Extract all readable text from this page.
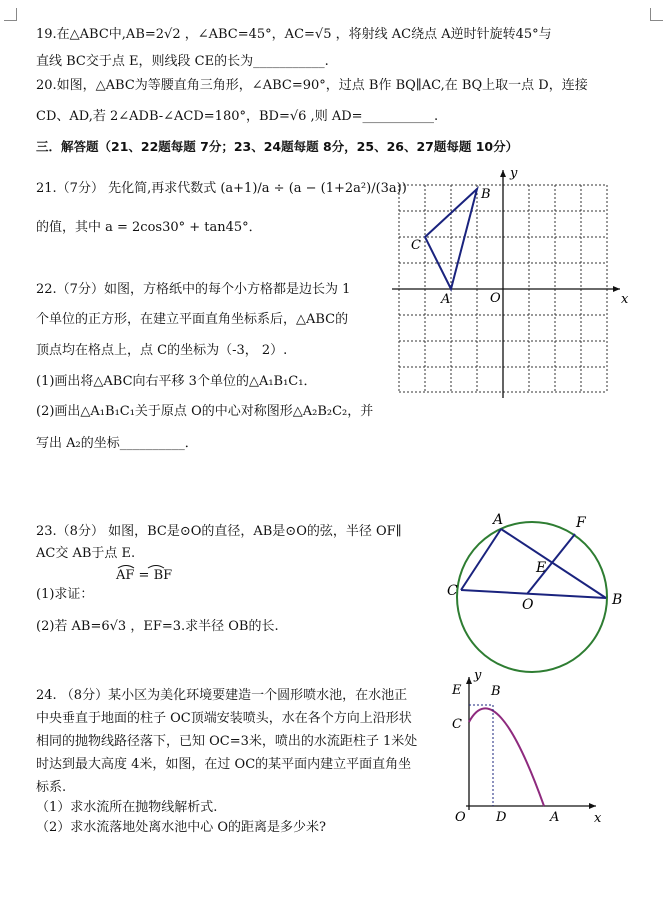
19.在△ABC中,AB=2√2 ，∠ABC=45°，AC=√5 ，将射线 AC绕点 A逆时针旋转45°与
直线 BC交于点 E，则线段 CE的长为___________.
20.如图，△ABC为等腰直角三角形，∠ABC=90°，过点 B作 BQ∥AC,在 BQ上取一点 D，连接
CD、AD,若 2∠ADB-∠ACD=180°，BD=√6 ,则 AD=___________.
三．解答题（21、22题每题 7分；23、24题每题 8分，25、26、27题每题 10分）
21.（7分） 先化简,再求代数式 (a+1)/a ÷ (a − (1+2a²)/(3a))
的值，其中 a = 2cos30° + tan45°．
22.（7分）如图，方格纸中的每个小方格都是边长为 1
个单位的正方形，在建立平面直角坐标系后，△ABC的
顶点均在格点上，点 C的坐标为（-3， 2）.
(1)画出将△ABC向右平移 3个单位的△A₁B₁C₁．
(2)画出△A₁B₁C₁关于原点 O的中心对称图形△A₂B₂C₂，并
写出 A₂的坐标__________．
B
C
A	O	x
y
23.（8分） 如图，BC是⊙O的直径，AB是⊙O的弦，半径 OF∥
AC交 AB于点 E.
AF = BF
(1)求证：
(2)若 AB=6√3 ，EF=3.求半径 OB的长.
A	F
E
C
O	B
24. （8分）某小区为美化环境要建造一个圆形喷水池，在水池正
中央垂直于地面的柱子 OC顶端安装喷头，水在各个方向上沿形状
相同的抛物线路径落下，已知 OC=3米，喷出的水流距柱子 1米处
时达到最大高度 4米，如图，在过 OC的某平面内建立平面直角坐
标系.
（1）求水流所在抛物线解析式.
（2）求水流落地处离水池中心 O的距离是多少米?
y
E B
C
O D	A	x
